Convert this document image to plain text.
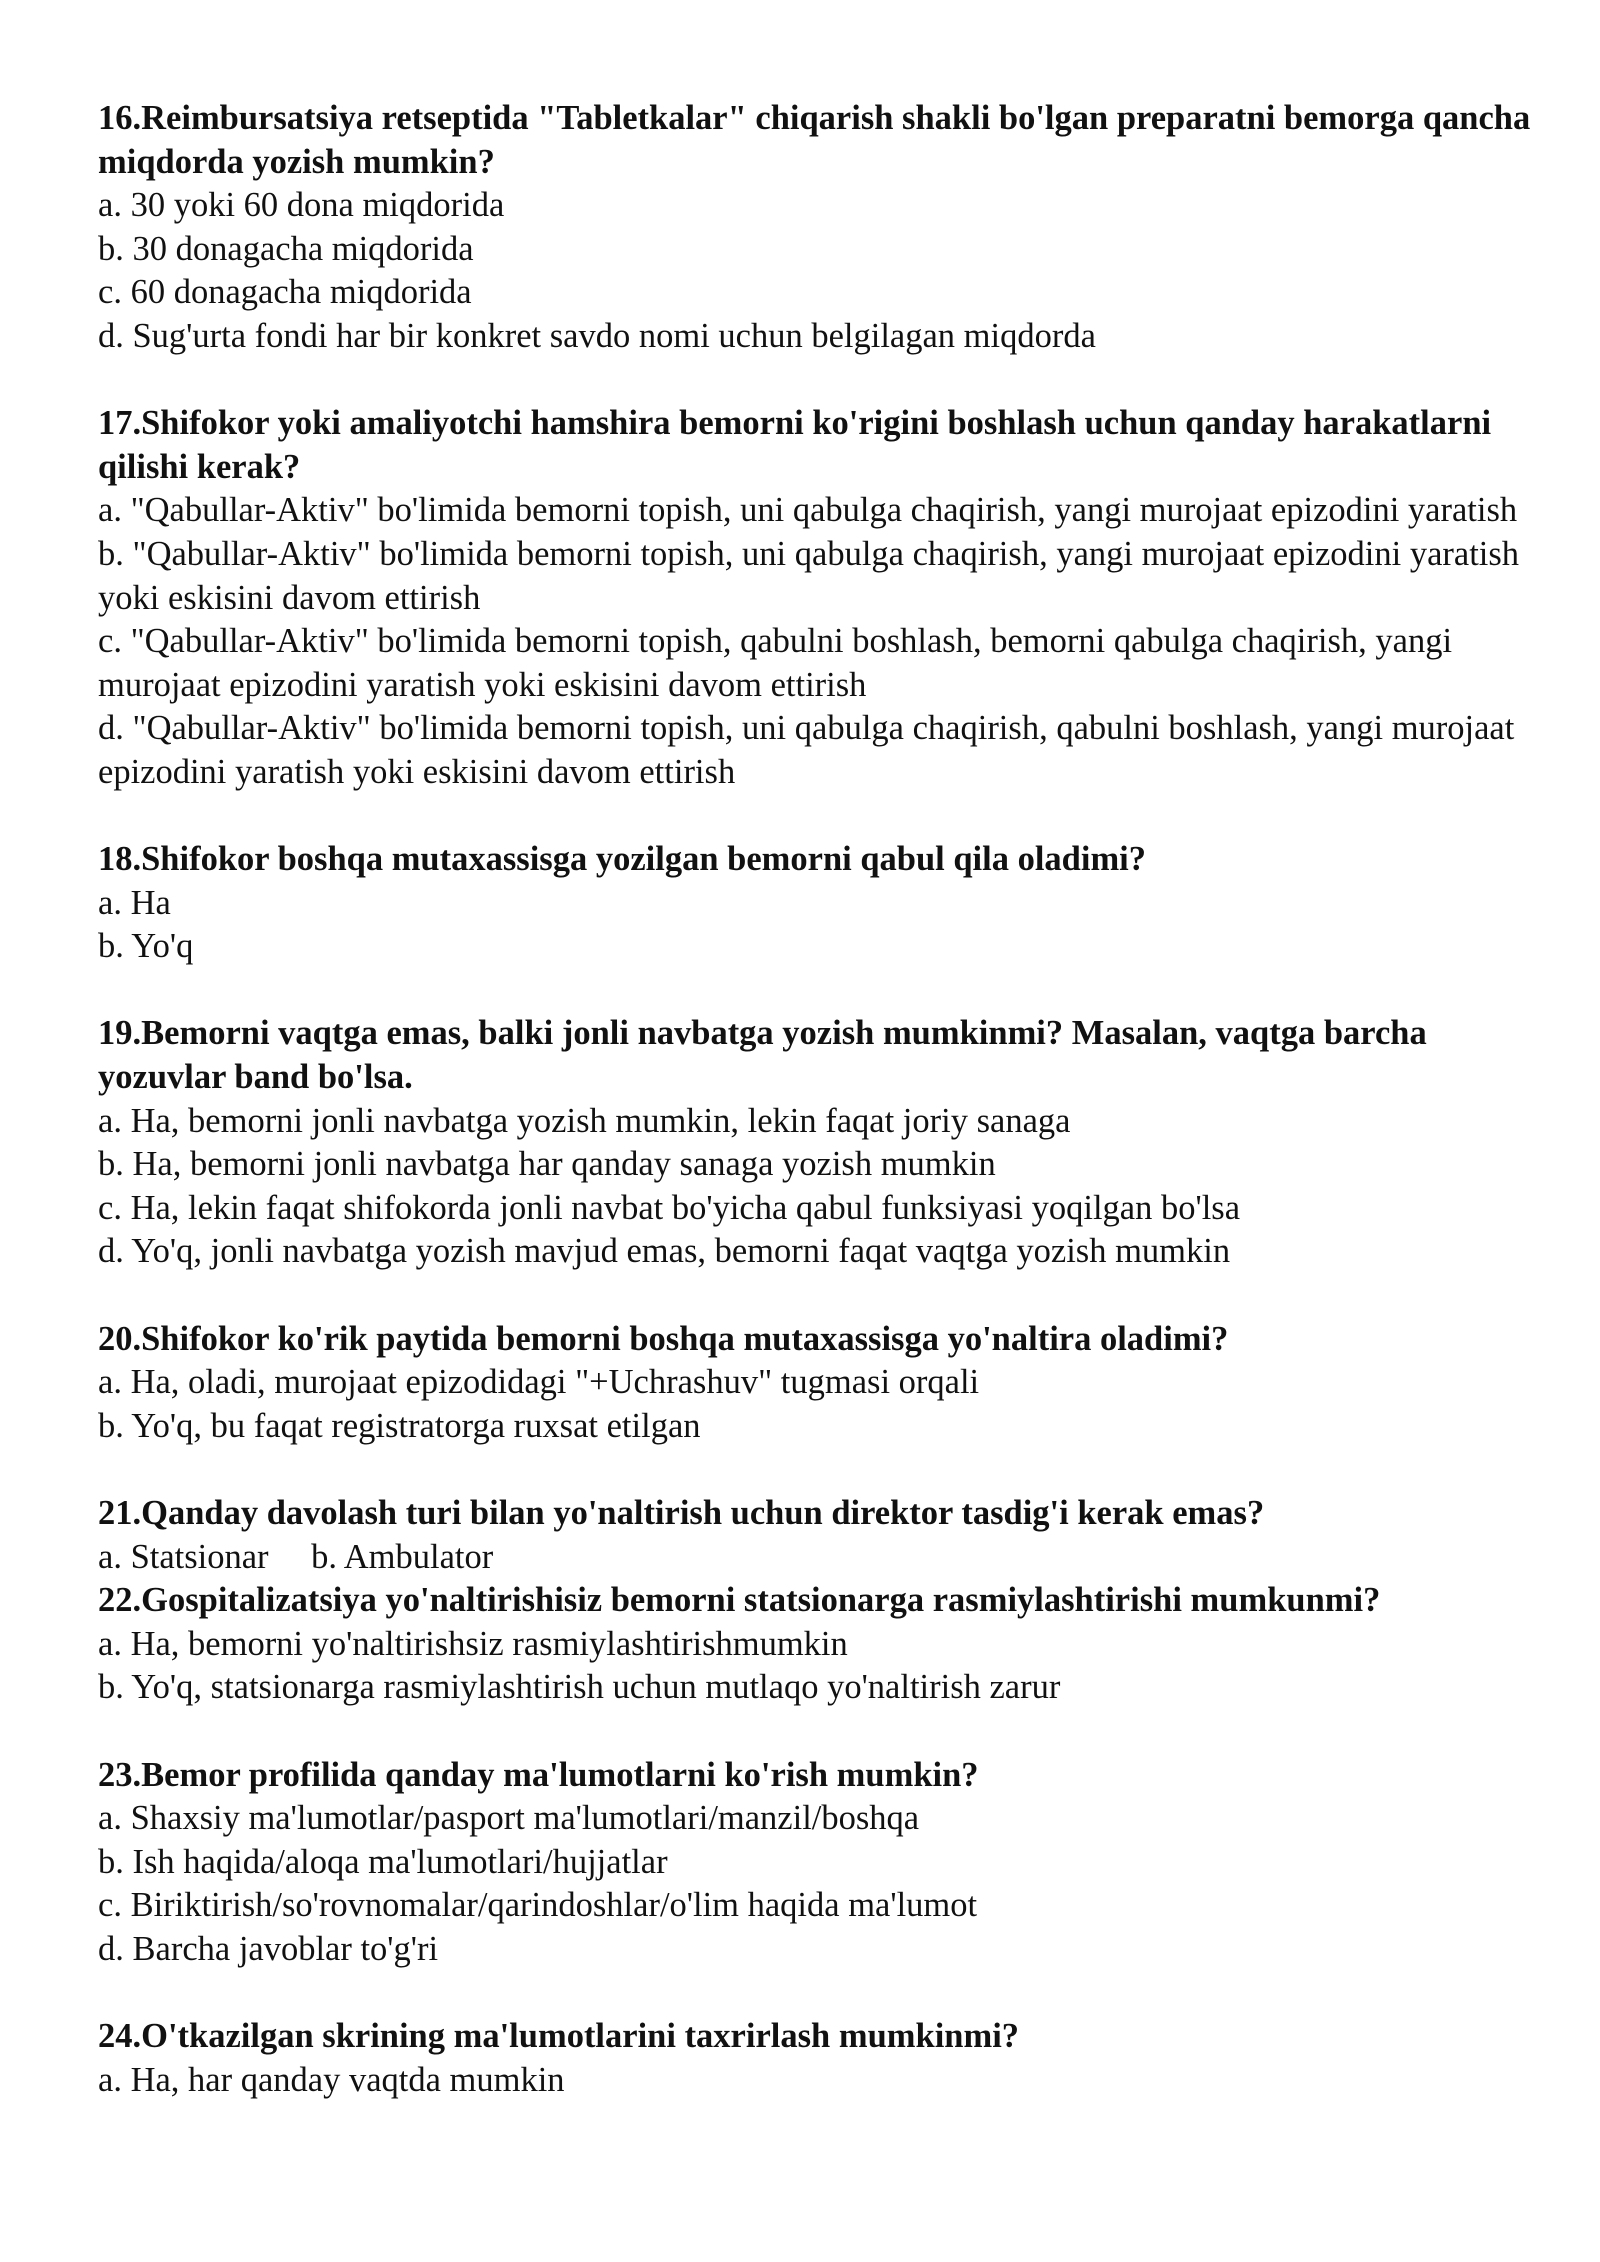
16.Reimbursatsiya retseptida "Tabletkalar" chiqarish shakli bo'lgan preparatni bemorga qancha miqdorda yozish mumkin?
a. 30 yoki 60 dona miqdorida
b. 30 donagacha miqdorida
c. 60 donagacha miqdorida
d. Sug'urta fondi har bir konkret savdo nomi uchun belgilagan miqdorda
17.Shifokor yoki amaliyotchi hamshira bemorni ko'rigini boshlash uchun qanday harakatlarni qilishi kerak?
a. "Qabullar-Aktiv" bo'limida bemorni topish, uni qabulga chaqirish, yangi murojaat epizodini yaratish
b. "Qabullar-Aktiv" bo'limida bemorni topish, uni qabulga chaqirish, yangi murojaat epizodini yaratish yoki eskisini davom ettirish
c. "Qabullar-Aktiv" bo'limida bemorni topish, qabulni boshlash, bemorni qabulga chaqirish, yangi murojaat epizodini yaratish yoki eskisini davom ettirish
d. "Qabullar-Aktiv" bo'limida bemorni topish, uni qabulga chaqirish, qabulni boshlash, yangi murojaat epizodini yaratish yoki eskisini davom ettirish
18.Shifokor boshqa mutaxassisga yozilgan bemorni qabul qila oladimi?
a. Ha
b. Yo'q
19.Bemorni vaqtga emas, balki jonli navbatga yozish mumkinmi? Masalan, vaqtga barcha yozuvlar band bo'lsa.
a. Ha, bemorni jonli navbatga yozish mumkin, lekin faqat joriy sanaga
b. Ha, bemorni jonli navbatga har qanday sanaga yozish mumkin
c. Ha, lekin faqat shifokorda jonli navbat bo'yicha qabul funksiyasi yoqilgan bo'lsa
d. Yo'q, jonli navbatga yozish mavjud emas, bemorni faqat vaqtga yozish mumkin
20.Shifokor ko'rik paytida bemorni boshqa mutaxassisga yo'naltira oladimi?
a. Ha, oladi, murojaat epizodidagi "+Uchrashuv" tugmasi orqali
b. Yo'q, bu faqat registratorga ruxsat etilgan
21.Qanday davolash turi bilan yo'naltirish uchun direktor tasdig'i kerak emas?
a. Statsionar b. Ambulator
22.Gospitalizatsiya yo'naltirishisiz bemorni statsionarga rasmiylashtirishi mumkunmi?
a. Ha, bemorni yo'naltirishsiz rasmiylashtirishmumkin
b. Yo'q, statsionarga rasmiylashtirish uchun mutlaqo yo'naltirish zarur
23.Bemor profilida qanday ma'lumotlarni ko'rish mumkin?
a. Shaxsiy ma'lumotlar/pasport ma'lumotlari/manzil/boshqa
b. Ish haqida/aloqa ma'lumotlari/hujjatlar
c. Biriktirish/so'rovnomalar/qarindoshlar/o'lim haqida ma'lumot
d. Barcha javoblar to'g'ri
24.O'tkazilgan skrining ma'lumotlarini taxrirlash mumkinmi?
a. Ha, har qanday vaqtda mumkin
